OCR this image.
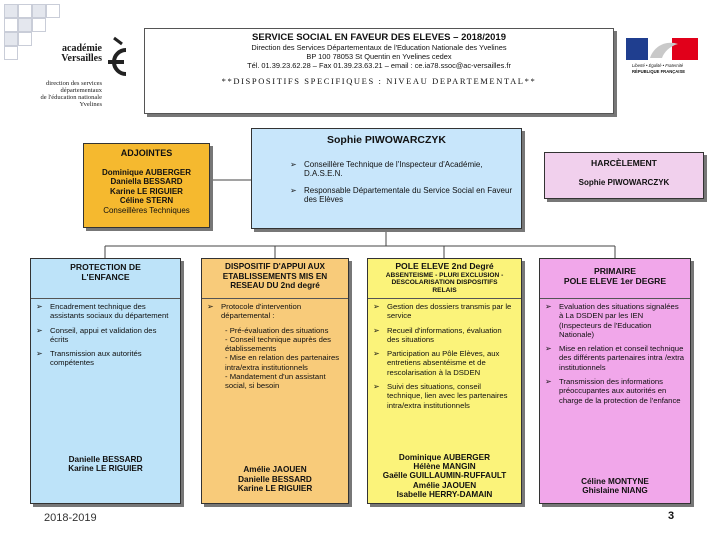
académie
Versailles
direction des services
départementaux
de l'éducation nationale
Yvelines
SERVICE SOCIAL EN FAVEUR DES ELEVES – 2018/2019
Direction des Services Départementaux de l'Education Nationale des Yvelines
BP 100 78053 St Quentin en Yvelines cedex
Tél. 01.39.23.62.28 – Fax 01.39.23.63.21 – email : ce.ia78.ssoc@ac-versailles.fr
**DISPOSITIFS SPECIFIQUES : NIVEAU DEPARTEMENTAL**
Liberté • Égalité • Fraternité
RÉPUBLIQUE FRANÇAISE
Sophie PIWOWARCZYK
➢ Conseillère Technique de l'Inspecteur d'Académie, D.A.S.E.N.
➢ Responsable Départementale du Service Social en Faveur des Elèves
ADJOINTES
Dominique AUBERGER
Daniella BESSARD
Karine LE RIGUIER
Céline STERN
Conseillères Techniques
HARCÈLEMENT
Sophie PIWOWARCZYK
PROTECTION DE
L'ENFANCE
➢ Encadrement technique des assistants sociaux du département
➢ Conseil, appui et validation des écrits
➢ Transmission aux autorités compétentes
Danielle BESSARD
Karine LE RIGUIER
DISPOSITIF D'APPUI AUX
ETABLISSEMENTS MIS EN
RESEAU DU 2nd degré
➢ Protocole d'intervention départemental :
- Pré-évaluation des situations
- Conseil technique auprès des établissements
- Mise en relation des partenaires intra/extra institutionnels
- Mandatement d'un assistant social, si besoin
Amélie JAOUEN
Danielle BESSARD
Karine LE RIGUIER
POLE ELEVE 2nd Degré
ABSENTEISME - PLURI EXCLUSION -
DESCOLARISATION DISPOSITIFS
RELAIS
➢ Gestion des dossiers transmis par le service
➢ Recueil d'informations, évaluation des situations
➢ Participation au Pôle Elèves, aux entretiens absentéisme et de rescolarisation à la DSDEN
➢ Suivi des situations, conseil technique, lien avec les partenaires intra/extra institutionnels
Dominique AUBERGER
Hélène MANGIN
Gaëlle GUILLAUMIN-RUFFAULT
Amélie JAOUEN
Isabelle HERRY-DAMAIN
PRIMAIRE
POLE ELEVE 1er DEGRE
➢ Evaluation des situations signalées à La DSDEN par les IEN (Inspecteurs de l'Education Nationale)
➢ Mise en relation et conseil technique des différents partenaires intra /extra institutionnels
➢ Transmission des informations préoccupantes aux autorités en charge de la protection de l'enfance
Céline MONTYNE
Ghislaine NIANG
2018-2019	3
